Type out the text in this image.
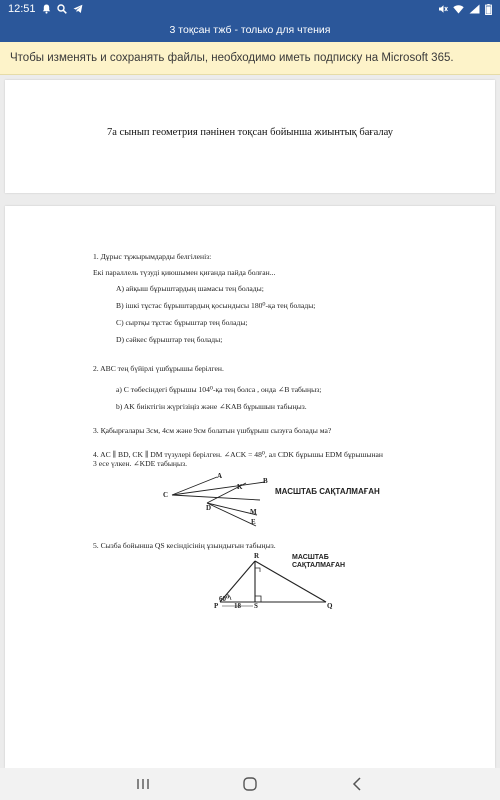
12:51
3 тоқсан тжб - только для чтения
Чтобы изменять и сохранять файлы, необходимо иметь подписку на Microsoft 365.
7а сынып геометрия пәнінен тоқсан бойынша жиынтық бағалау
1. Дұрыс тұжырымдарды белгіленіз:
Екі параллель түзуді қиюшымен қиғанда пайда болған...
A) айқыш бұрыштардың шамасы тең болады;
B) ішкі тұстас бұрыштардың қосындысы 180⁰-қа тең болады;
C) сыртқы тұстас бұрыштар тең болады;
D) сәйкес бұрыштар тең болады;
2. ABC тең бүйірлі үшбұрышы берілген.
a) C төбесіндегі бұрышы 104⁰-қа тең болса , онда ∠B табыңыз;
b) AK биіктігін жүргізіңіз және ∠KAB бұрышын табыңыз.
3. Қабырғалары 3см, 4см және 9см болатын үшбұрыш сызуға болады ма?
4. AC ∥ BD, CK ∥ DM түзулері берілген. ∠ACK = 48⁰, ал CDK бұрышы EDM бұрышынан
3 есе үлкен. ∠KDE табыңыз.
A
B
K
C
D	M
E
МАСШТАБ САҚТАЛМАҒАН
5. Сызба бойынша QS кесіндісінің ұзындығын табыңыз.
R
60⁰
P 18 S	Q
МАСШТАБ
САҚТАЛМАҒАН
